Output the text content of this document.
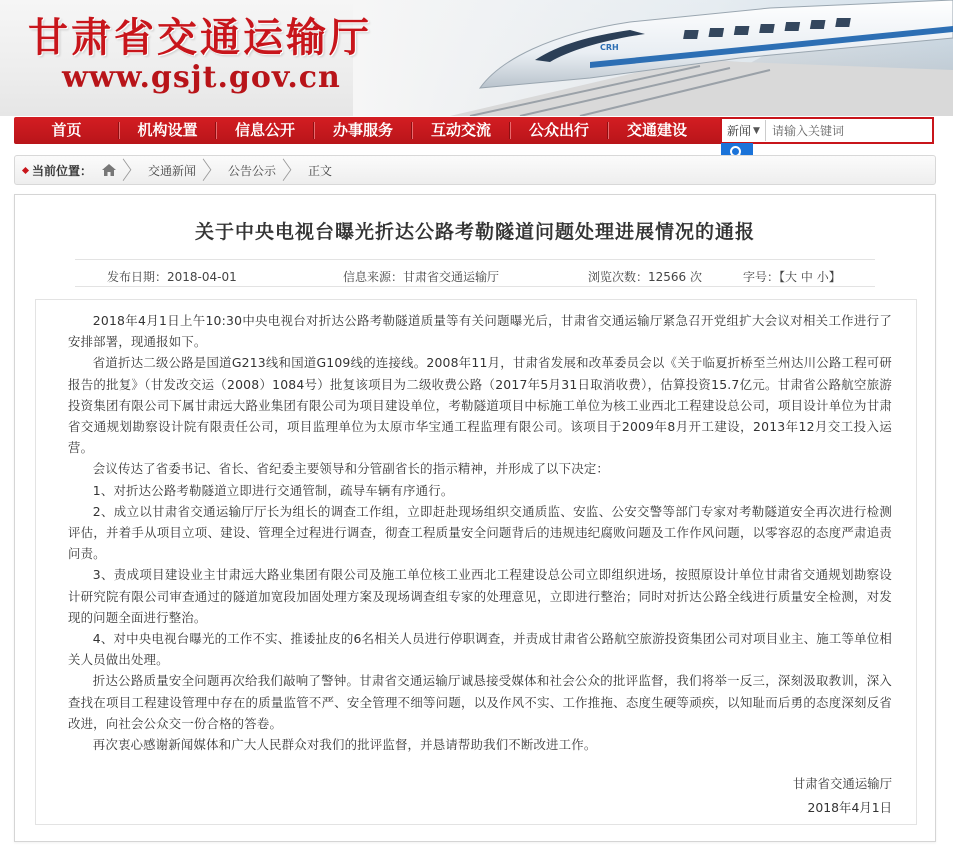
CRH
甘肃省交通运输厅
www.gsjt.gov.cn
首页	机构设置	信息公开	办事服务	互动交流	公众出行	交通建设	新闻 ▼
请输入关键词
当前位置： 〉 交通新闻 〉 公告公示 〉 正文
关于中央电视台曝光折达公路考勒隧道问题处理进展情况的通报
发布日期：2018-04-01	信息来源：甘肃省交通运输厅	浏览次数：12566 次	字号：【大 中 小】

2018年4月1日上午10:30中央电视台对折达公路考勒隧道质量等有关问题曝光后，甘肃省交通运输厅紧急召开党组扩大会议对相关工作进行了安排部署，现通报如下。

省道折达二级公路是国道G213线和国道G109线的连接线。2008年11月，甘肃省发展和改革委员会以《关于临夏折桥至兰州达川公路工程可研报告的批复》（甘发改交运（2008）1084号）批复该项目为二级收费公路（2017年5月31日取消收费），估算投资15.7亿元。甘肃省公路航空旅游投资集团有限公司下属甘肃远大路业集团有限公司为项目建设单位，考勒隧道项目中标施工单位为核工业西北工程建设总公司，项目设计单位为甘肃省交通规划勘察设计院有限责任公司，项目监理单位为太原市华宝通工程监理有限公司。该项目于2009年8月开工建设，2013年12月交工投入运营。

会议传达了省委书记、省长、省纪委主要领导和分管副省长的指示精神，并形成了以下决定：

1、对折达公路考勒隧道立即进行交通管制，疏导车辆有序通行。

2、成立以甘肃省交通运输厅厅长为组长的调查工作组，立即赶赴现场组织交通质监、安监、公安交警等部门专家对考勒隧道安全再次进行检测评估，并着手从项目立项、建设、管理全过程进行调查，彻查工程质量安全问题背后的违规违纪腐败问题及工作作风问题，以零容忍的态度严肃追责问责。

3、责成项目建设业主甘肃远大路业集团有限公司及施工单位核工业西北工程建设总公司立即组织进场，按照原设计单位甘肃省交通规划勘察设计研究院有限公司审查通过的隧道加宽段加固处理方案及现场调查组专家的处理意见，立即进行整治；同时对折达公路全线进行质量安全检测，对发现的问题全面进行整治。

4、对中央电视台曝光的工作不实、推诿扯皮的6名相关人员进行停职调查，并责成甘肃省公路航空旅游投资集团公司对项目业主、施工等单位相关人员做出处理。

折达公路质量安全问题再次给我们敲响了警钟。甘肃省交通运输厅诚恳接受媒体和社会公众的批评监督，我们将举一反三，深刻汲取教训，深入查找在项目工程建设管理中存在的质量监管不严、安全管理不细等问题，以及作风不实、工作推拖、态度生硬等顽疾，以知耻而后勇的态度深刻反省改进，向社会公众交一份合格的答卷。

再次衷心感谢新闻媒体和广大人民群众对我们的批评监督，并恳请帮助我们不断改进工作。

甘肃省交通运输厅
2018年4月1日
